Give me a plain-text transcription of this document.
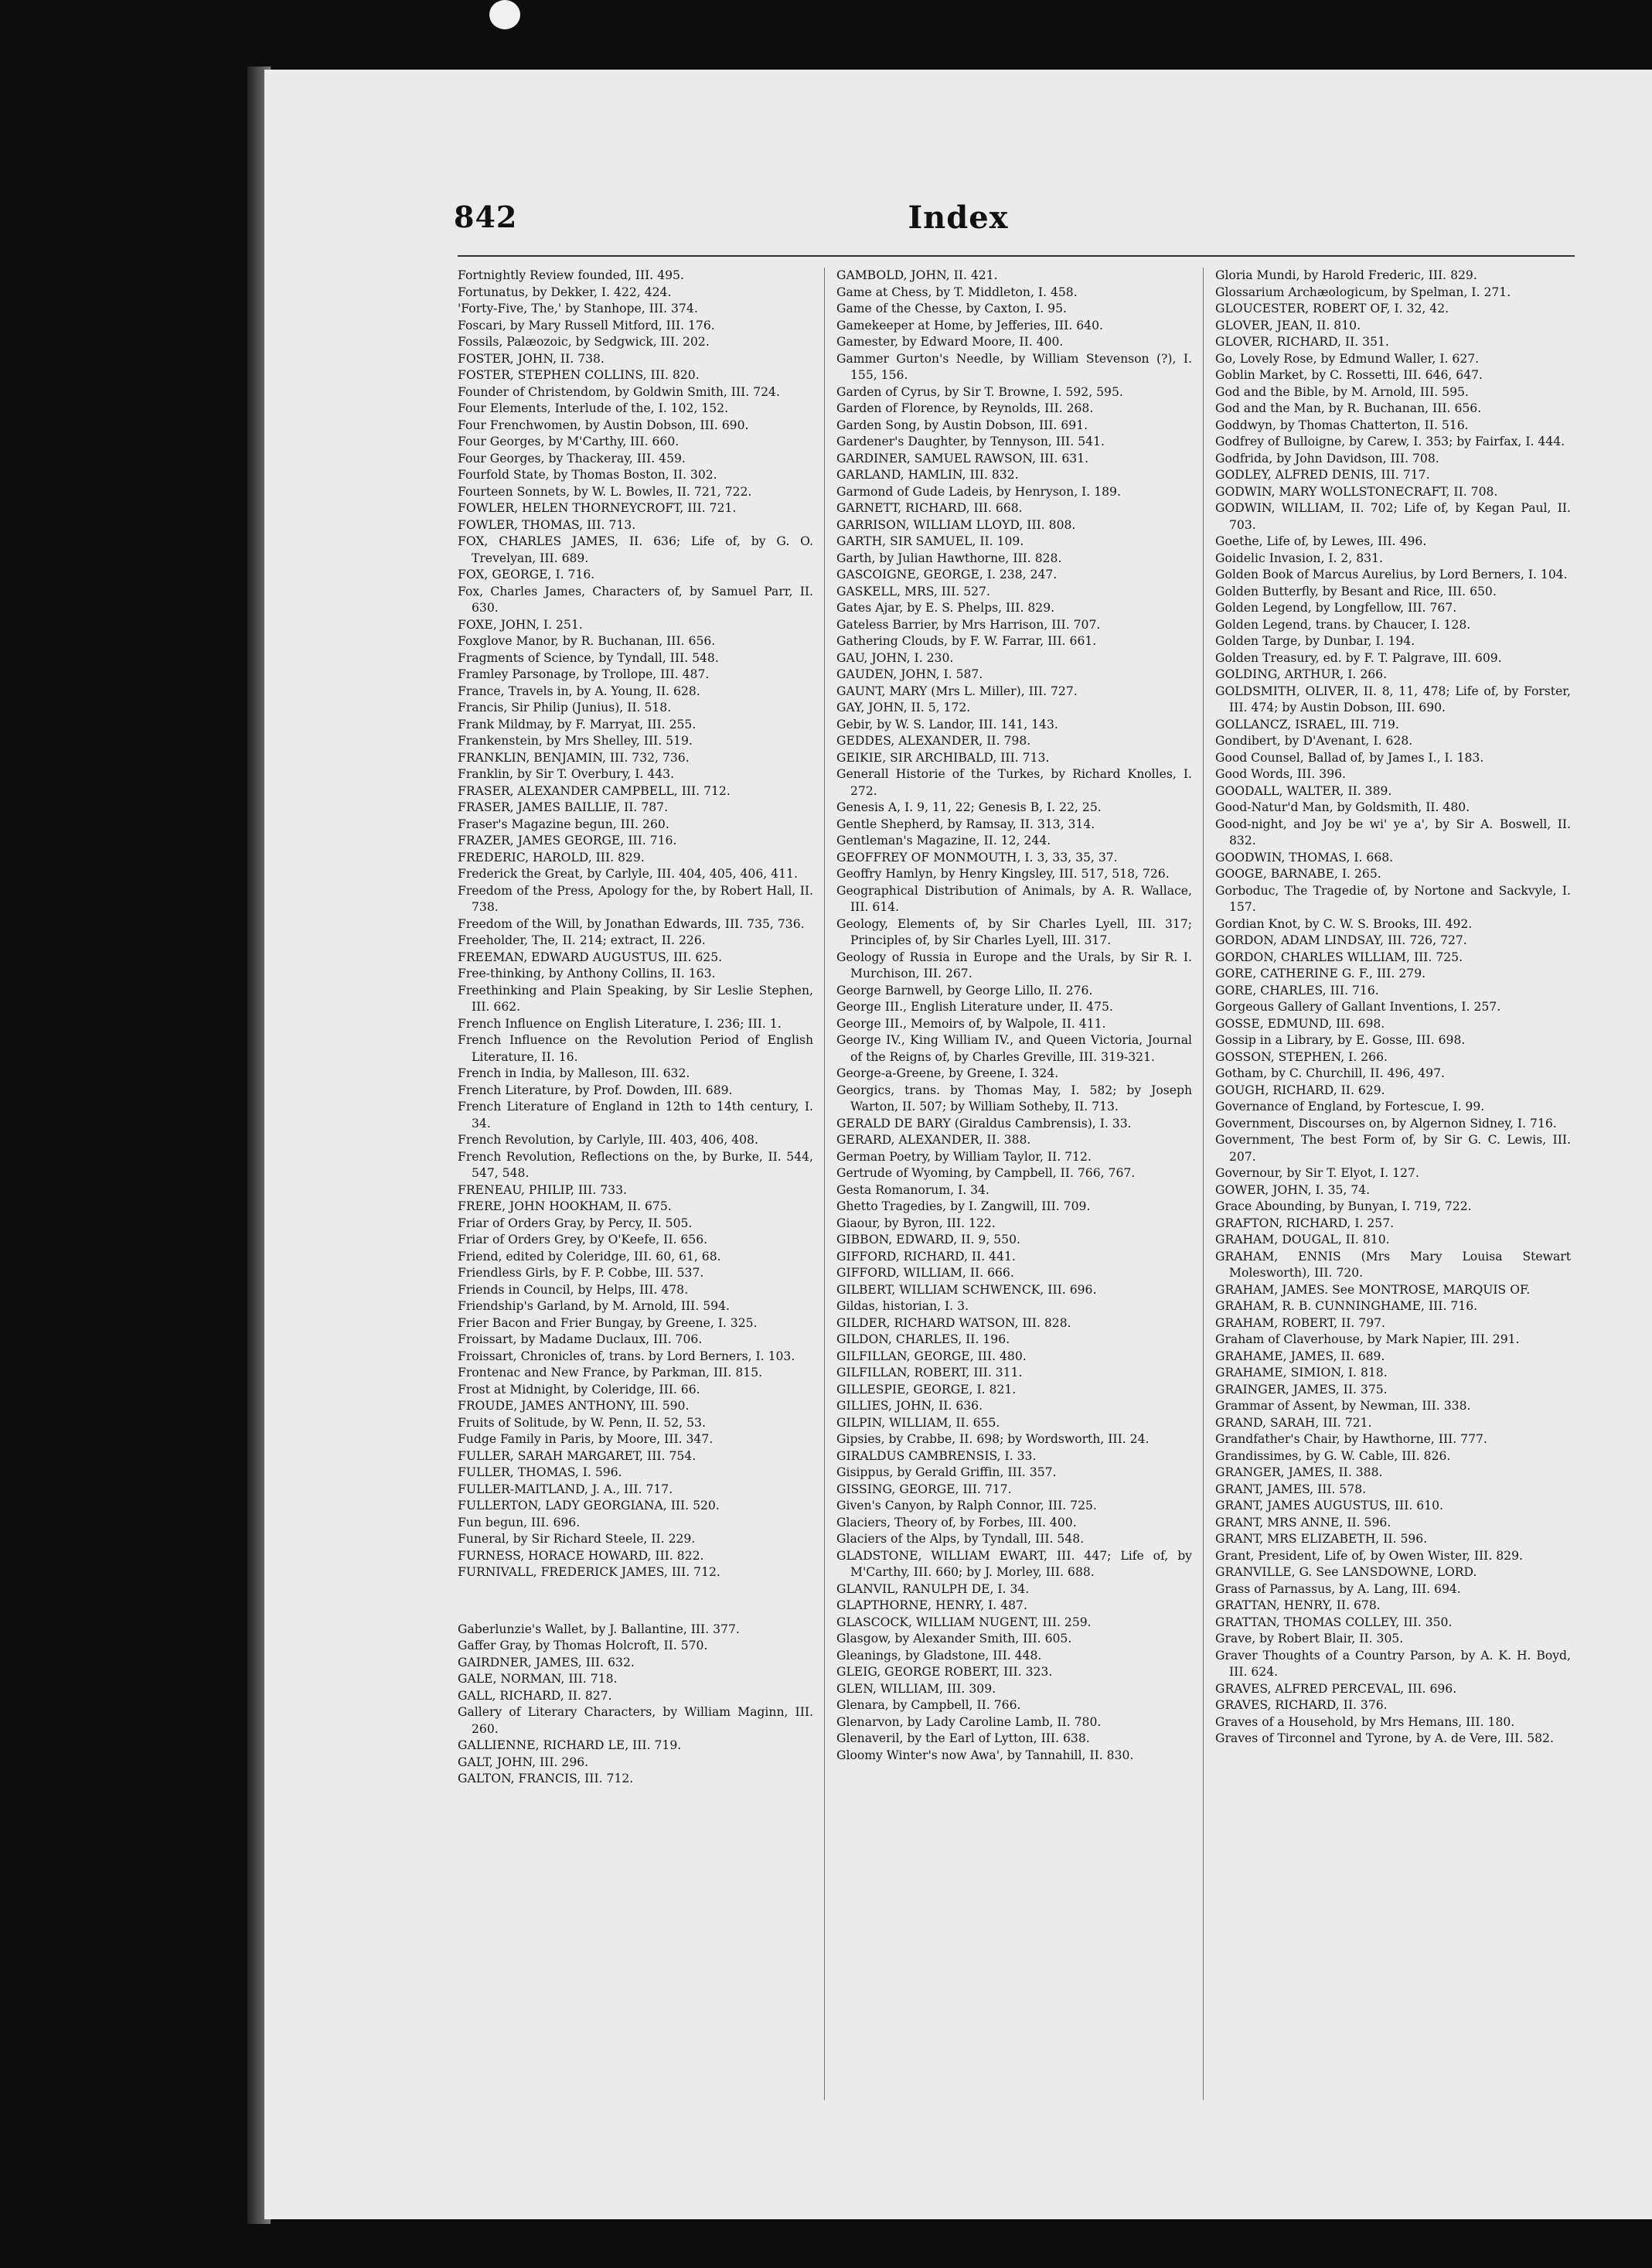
842	Index

Fortnightly Review founded, III. 495.

Fortunatus, by Dekker, I. 422, 424.

'Forty-Five, The,' by Stanhope, III. 374.

Foscari, by Mary Russell Mitford, III. 176.

Fossils, Palæozoic, by Sedgwick, III. 202.

FOSTER, JOHN, II. 738.

FOSTER, STEPHEN COLLINS, III. 820.

Founder of Christendom, by Goldwin Smith, III. 724.

Four Elements, Interlude of the, I. 102, 152.

Four Frenchwomen, by Austin Dobson, III. 690.

Four Georges, by M'Carthy, III. 660.

Four Georges, by Thackeray, III. 459.

Fourfold State, by Thomas Boston, II. 302.

Fourteen Sonnets, by W. L. Bowles, II. 721, 722.

FOWLER, HELEN THORNEYCROFT, III. 721.

FOWLER, THOMAS, III. 713.

FOX, CHARLES JAMES, II. 636; Life of, by G. O. Trevelyan, III. 689.

FOX, GEORGE, I. 716.

Fox, Charles James, Characters of, by Samuel Parr, II. 630.

FOXE, JOHN, I. 251.

Foxglove Manor, by R. Buchanan, III. 656.

Fragments of Science, by Tyndall, III. 548.

Framley Parsonage, by Trollope, III. 487.

France, Travels in, by A. Young, II. 628.

Francis, Sir Philip (Junius), II. 518.

Frank Mildmay, by F. Marryat, III. 255.

Frankenstein, by Mrs Shelley, III. 519.

FRANKLIN, BENJAMIN, III. 732, 736.

Franklin, by Sir T. Overbury, I. 443.

FRASER, ALEXANDER CAMPBELL, III. 712.

FRASER, JAMES BAILLIE, II. 787.

Fraser's Magazine begun, III. 260.

FRAZER, JAMES GEORGE, III. 716.

FREDERIC, HAROLD, III. 829.

Frederick the Great, by Carlyle, III. 404, 405, 406, 411.

Freedom of the Press, Apology for the, by Robert Hall, II. 738.

Freedom of the Will, by Jonathan Edwards, III. 735, 736.

Freeholder, The, II. 214; extract, II. 226.

FREEMAN, EDWARD AUGUSTUS, III. 625.

Free-thinking, by Anthony Collins, II. 163.

Freethinking and Plain Speaking, by Sir Leslie Stephen, III. 662.

French Influence on English Literature, I. 236; III. 1.

French Influence on the Revolution Period of English Literature, II. 16.

French in India, by Malleson, III. 632.

French Literature, by Prof. Dowden, III. 689.

French Literature of England in 12th to 14th century, I. 34.

French Revolution, by Carlyle, III. 403, 406, 408.

French Revolution, Reflections on the, by Burke, II. 544, 547, 548.

FRENEAU, PHILIP, III. 733.

FRERE, JOHN HOOKHAM, II. 675.

Friar of Orders Gray, by Percy, II. 505.

Friar of Orders Grey, by O'Keefe, II. 656.

Friend, edited by Coleridge, III. 60, 61, 68.

Friendless Girls, by F. P. Cobbe, III. 537.

Friends in Council, by Helps, III. 478.

Friendship's Garland, by M. Arnold, III. 594.

Frier Bacon and Frier Bungay, by Greene, I. 325.

Froissart, by Madame Duclaux, III. 706.

Froissart, Chronicles of, trans. by Lord Berners, I. 103.

Frontenac and New France, by Parkman, III. 815.

Frost at Midnight, by Coleridge, III. 66.

FROUDE, JAMES ANTHONY, III. 590.

Fruits of Solitude, by W. Penn, II. 52, 53.

Fudge Family in Paris, by Moore, III. 347.

FULLER, SARAH MARGARET, III. 754.

FULLER, THOMAS, I. 596.

FULLER-MAITLAND, J. A., III. 717.

FULLERTON, LADY GEORGIANA, III. 520.

Fun begun, III. 696.

Funeral, by Sir Richard Steele, II. 229.

FURNESS, HORACE HOWARD, III. 822.

FURNIVALL, FREDERICK JAMES, III. 712.

Gaberlunzie's Wallet, by J. Ballantine, III. 377.

Gaffer Gray, by Thomas Holcroft, II. 570.

GAIRDNER, JAMES, III. 632.

GALE, NORMAN, III. 718.

GALL, RICHARD, II. 827.

Gallery of Literary Characters, by William Maginn, III. 260.

GALLIENNE, RICHARD LE, III. 719.

GALT, JOHN, III. 296.

GALTON, FRANCIS, III. 712.

GAMBOLD, JOHN, II. 421.

Game at Chess, by T. Middleton, I. 458.

Game of the Chesse, by Caxton, I. 95.

Gamekeeper at Home, by Jefferies, III. 640.

Gamester, by Edward Moore, II. 400.

Gammer Gurton's Needle, by William Stevenson (?), I. 155, 156.

Garden of Cyrus, by Sir T. Browne, I. 592, 595.

Garden of Florence, by Reynolds, III. 268.

Garden Song, by Austin Dobson, III. 691.

Gardener's Daughter, by Tennyson, III. 541.

GARDINER, SAMUEL RAWSON, III. 631.

GARLAND, HAMLIN, III. 832.

Garmond of Gude Ladeis, by Henryson, I. 189.

GARNETT, RICHARD, III. 668.

GARRISON, WILLIAM LLOYD, III. 808.

GARTH, SIR SAMUEL, II. 109.

Garth, by Julian Hawthorne, III. 828.

GASCOIGNE, GEORGE, I. 238, 247.

GASKELL, MRS, III. 527.

Gates Ajar, by E. S. Phelps, III. 829.

Gateless Barrier, by Mrs Harrison, III. 707.

Gathering Clouds, by F. W. Farrar, III. 661.

GAU, JOHN, I. 230.

GAUDEN, JOHN, I. 587.

GAUNT, MARY (Mrs L. Miller), III. 727.

GAY, JOHN, II. 5, 172.

Gebir, by W. S. Landor, III. 141, 143.

GEDDES, ALEXANDER, II. 798.

GEIKIE, SIR ARCHIBALD, III. 713.

Generall Historie of the Turkes, by Richard Knolles, I. 272.

Genesis A, I. 9, 11, 22; Genesis B, I. 22, 25.

Gentle Shepherd, by Ramsay, II. 313, 314.

Gentleman's Magazine, II. 12, 244.

GEOFFREY OF MONMOUTH, I. 3, 33, 35, 37.

Geoffry Hamlyn, by Henry Kingsley, III. 517, 518, 726.

Geographical Distribution of Animals, by A. R. Wallace, III. 614.

Geology, Elements of, by Sir Charles Lyell, III. 317; Principles of, by Sir Charles Lyell, III. 317.

Geology of Russia in Europe and the Urals, by Sir R. I. Murchison, III. 267.

George Barnwell, by George Lillo, II. 276.

George III., English Literature under, II. 475.

George III., Memoirs of, by Walpole, II. 411.

George IV., King William IV., and Queen Victoria, Journal of the Reigns of, by Charles Greville, III. 319-321.

George-a-Greene, by Greene, I. 324.

Georgics, trans. by Thomas May, I. 582; by Joseph Warton, II. 507; by William Sotheby, II. 713.

GERALD DE BARY (Giraldus Cambrensis), I. 33.

GERARD, ALEXANDER, II. 388.

German Poetry, by William Taylor, II. 712.

Gertrude of Wyoming, by Campbell, II. 766, 767.

Gesta Romanorum, I. 34.

Ghetto Tragedies, by I. Zangwill, III. 709.

Giaour, by Byron, III. 122.

GIBBON, EDWARD, II. 9, 550.

GIFFORD, RICHARD, II. 441.

GIFFORD, WILLIAM, II. 666.

GILBERT, WILLIAM SCHWENCK, III. 696.

Gildas, historian, I. 3.

GILDER, RICHARD WATSON, III. 828.

GILDON, CHARLES, II. 196.

GILFILLAN, GEORGE, III. 480.

GILFILLAN, ROBERT, III. 311.

GILLESPIE, GEORGE, I. 821.

GILLIES, JOHN, II. 636.

GILPIN, WILLIAM, II. 655.

Gipsies, by Crabbe, II. 698; by Wordsworth, III. 24.

GIRALDUS CAMBRENSIS, I. 33.

Gisippus, by Gerald Griffin, III. 357.

GISSING, GEORGE, III. 717.

Given's Canyon, by Ralph Connor, III. 725.

Glaciers, Theory of, by Forbes, III. 400.

Glaciers of the Alps, by Tyndall, III. 548.

GLADSTONE, WILLIAM EWART, III. 447; Life of, by M'Carthy, III. 660; by J. Morley, III. 688.

GLANVIL, RANULPH DE, I. 34.

GLAPTHORNE, HENRY, I. 487.

GLASCOCK, WILLIAM NUGENT, III. 259.

Glasgow, by Alexander Smith, III. 605.

Gleanings, by Gladstone, III. 448.

GLEIG, GEORGE ROBERT, III. 323.

GLEN, WILLIAM, III. 309.

Glenara, by Campbell, II. 766.

Glenarvon, by Lady Caroline Lamb, II. 780.

Glenaveril, by the Earl of Lytton, III. 638.

Gloomy Winter's now Awa', by Tannahill, II. 830.

Gloria Mundi, by Harold Frederic, III. 829.

Glossarium Archæologicum, by Spelman, I. 271.

GLOUCESTER, ROBERT OF, I. 32, 42.

GLOVER, JEAN, II. 810.

GLOVER, RICHARD, II. 351.

Go, Lovely Rose, by Edmund Waller, I. 627.

Goblin Market, by C. Rossetti, III. 646, 647.

God and the Bible, by M. Arnold, III. 595.

God and the Man, by R. Buchanan, III. 656.

Goddwyn, by Thomas Chatterton, II. 516.

Godfrey of Bulloigne, by Carew, I. 353; by Fairfax, I. 444.

Godfrida, by John Davidson, III. 708.

GODLEY, ALFRED DENIS, III. 717.

GODWIN, MARY WOLLSTONECRAFT, II. 708.

GODWIN, WILLIAM, II. 702; Life of, by Kegan Paul, II. 703.

Goethe, Life of, by Lewes, III. 496.

Goidelic Invasion, I. 2, 831.

Golden Book of Marcus Aurelius, by Lord Berners, I. 104.

Golden Butterfly, by Besant and Rice, III. 650.

Golden Legend, by Longfellow, III. 767.

Golden Legend, trans. by Chaucer, I. 128.

Golden Targe, by Dunbar, I. 194.

Golden Treasury, ed. by F. T. Palgrave, III. 609.

GOLDING, ARTHUR, I. 266.

GOLDSMITH, OLIVER, II. 8, 11, 478; Life of, by Forster, III. 474; by Austin Dobson, III. 690.

GOLLANCZ, ISRAEL, III. 719.

Gondibert, by D'Avenant, I. 628.

Good Counsel, Ballad of, by James I., I. 183.

Good Words, III. 396.

GOODALL, WALTER, II. 389.

Good-Natur'd Man, by Goldsmith, II. 480.

Good-night, and Joy be wi' ye a', by Sir A. Boswell, II. 832.

GOODWIN, THOMAS, I. 668.

GOOGE, BARNABE, I. 265.

Gorboduc, The Tragedie of, by Nortone and Sackvyle, I. 157.

Gordian Knot, by C. W. S. Brooks, III. 492.

GORDON, ADAM LINDSAY, III. 726, 727.

GORDON, CHARLES WILLIAM, III. 725.

GORE, CATHERINE G. F., III. 279.

GORE, CHARLES, III. 716.

Gorgeous Gallery of Gallant Inventions, I. 257.

GOSSE, EDMUND, III. 698.

Gossip in a Library, by E. Gosse, III. 698.

GOSSON, STEPHEN, I. 266.

Gotham, by C. Churchill, II. 496, 497.

GOUGH, RICHARD, II. 629.

Governance of England, by Fortescue, I. 99.

Government, Discourses on, by Algernon Sidney, I. 716.

Government, The best Form of, by Sir G. C. Lewis, III. 207.

Governour, by Sir T. Elyot, I. 127.

GOWER, JOHN, I. 35, 74.

Grace Abounding, by Bunyan, I. 719, 722.

GRAFTON, RICHARD, I. 257.

GRAHAM, DOUGAL, II. 810.

GRAHAM, ENNIS (Mrs Mary Louisa Stewart Molesworth), III. 720.

GRAHAM, JAMES. See MONTROSE, MARQUIS OF.

GRAHAM, R. B. CUNNINGHAME, III. 716.

GRAHAM, ROBERT, II. 797.

Graham of Claverhouse, by Mark Napier, III. 291.

GRAHAME, JAMES, II. 689.

GRAHAME, SIMION, I. 818.

GRAINGER, JAMES, II. 375.

Grammar of Assent, by Newman, III. 338.

GRAND, SARAH, III. 721.

Grandfather's Chair, by Hawthorne, III. 777.

Grandissimes, by G. W. Cable, III. 826.

GRANGER, JAMES, II. 388.

GRANT, JAMES, III. 578.

GRANT, JAMES AUGUSTUS, III. 610.

GRANT, MRS ANNE, II. 596.

GRANT, MRS ELIZABETH, II. 596.

Grant, President, Life of, by Owen Wister, III. 829.

GRANVILLE, G. See LANSDOWNE, LORD.

Grass of Parnassus, by A. Lang, III. 694.

GRATTAN, HENRY, II. 678.

GRATTAN, THOMAS COLLEY, III. 350.

Grave, by Robert Blair, II. 305.

Graver Thoughts of a Country Parson, by A. K. H. Boyd, III. 624.

GRAVES, ALFRED PERCEVAL, III. 696.

GRAVES, RICHARD, II. 376.

Graves of a Household, by Mrs Hemans, III. 180.

Graves of Tirconnel and Tyrone, by A. de Vere, III. 582.
